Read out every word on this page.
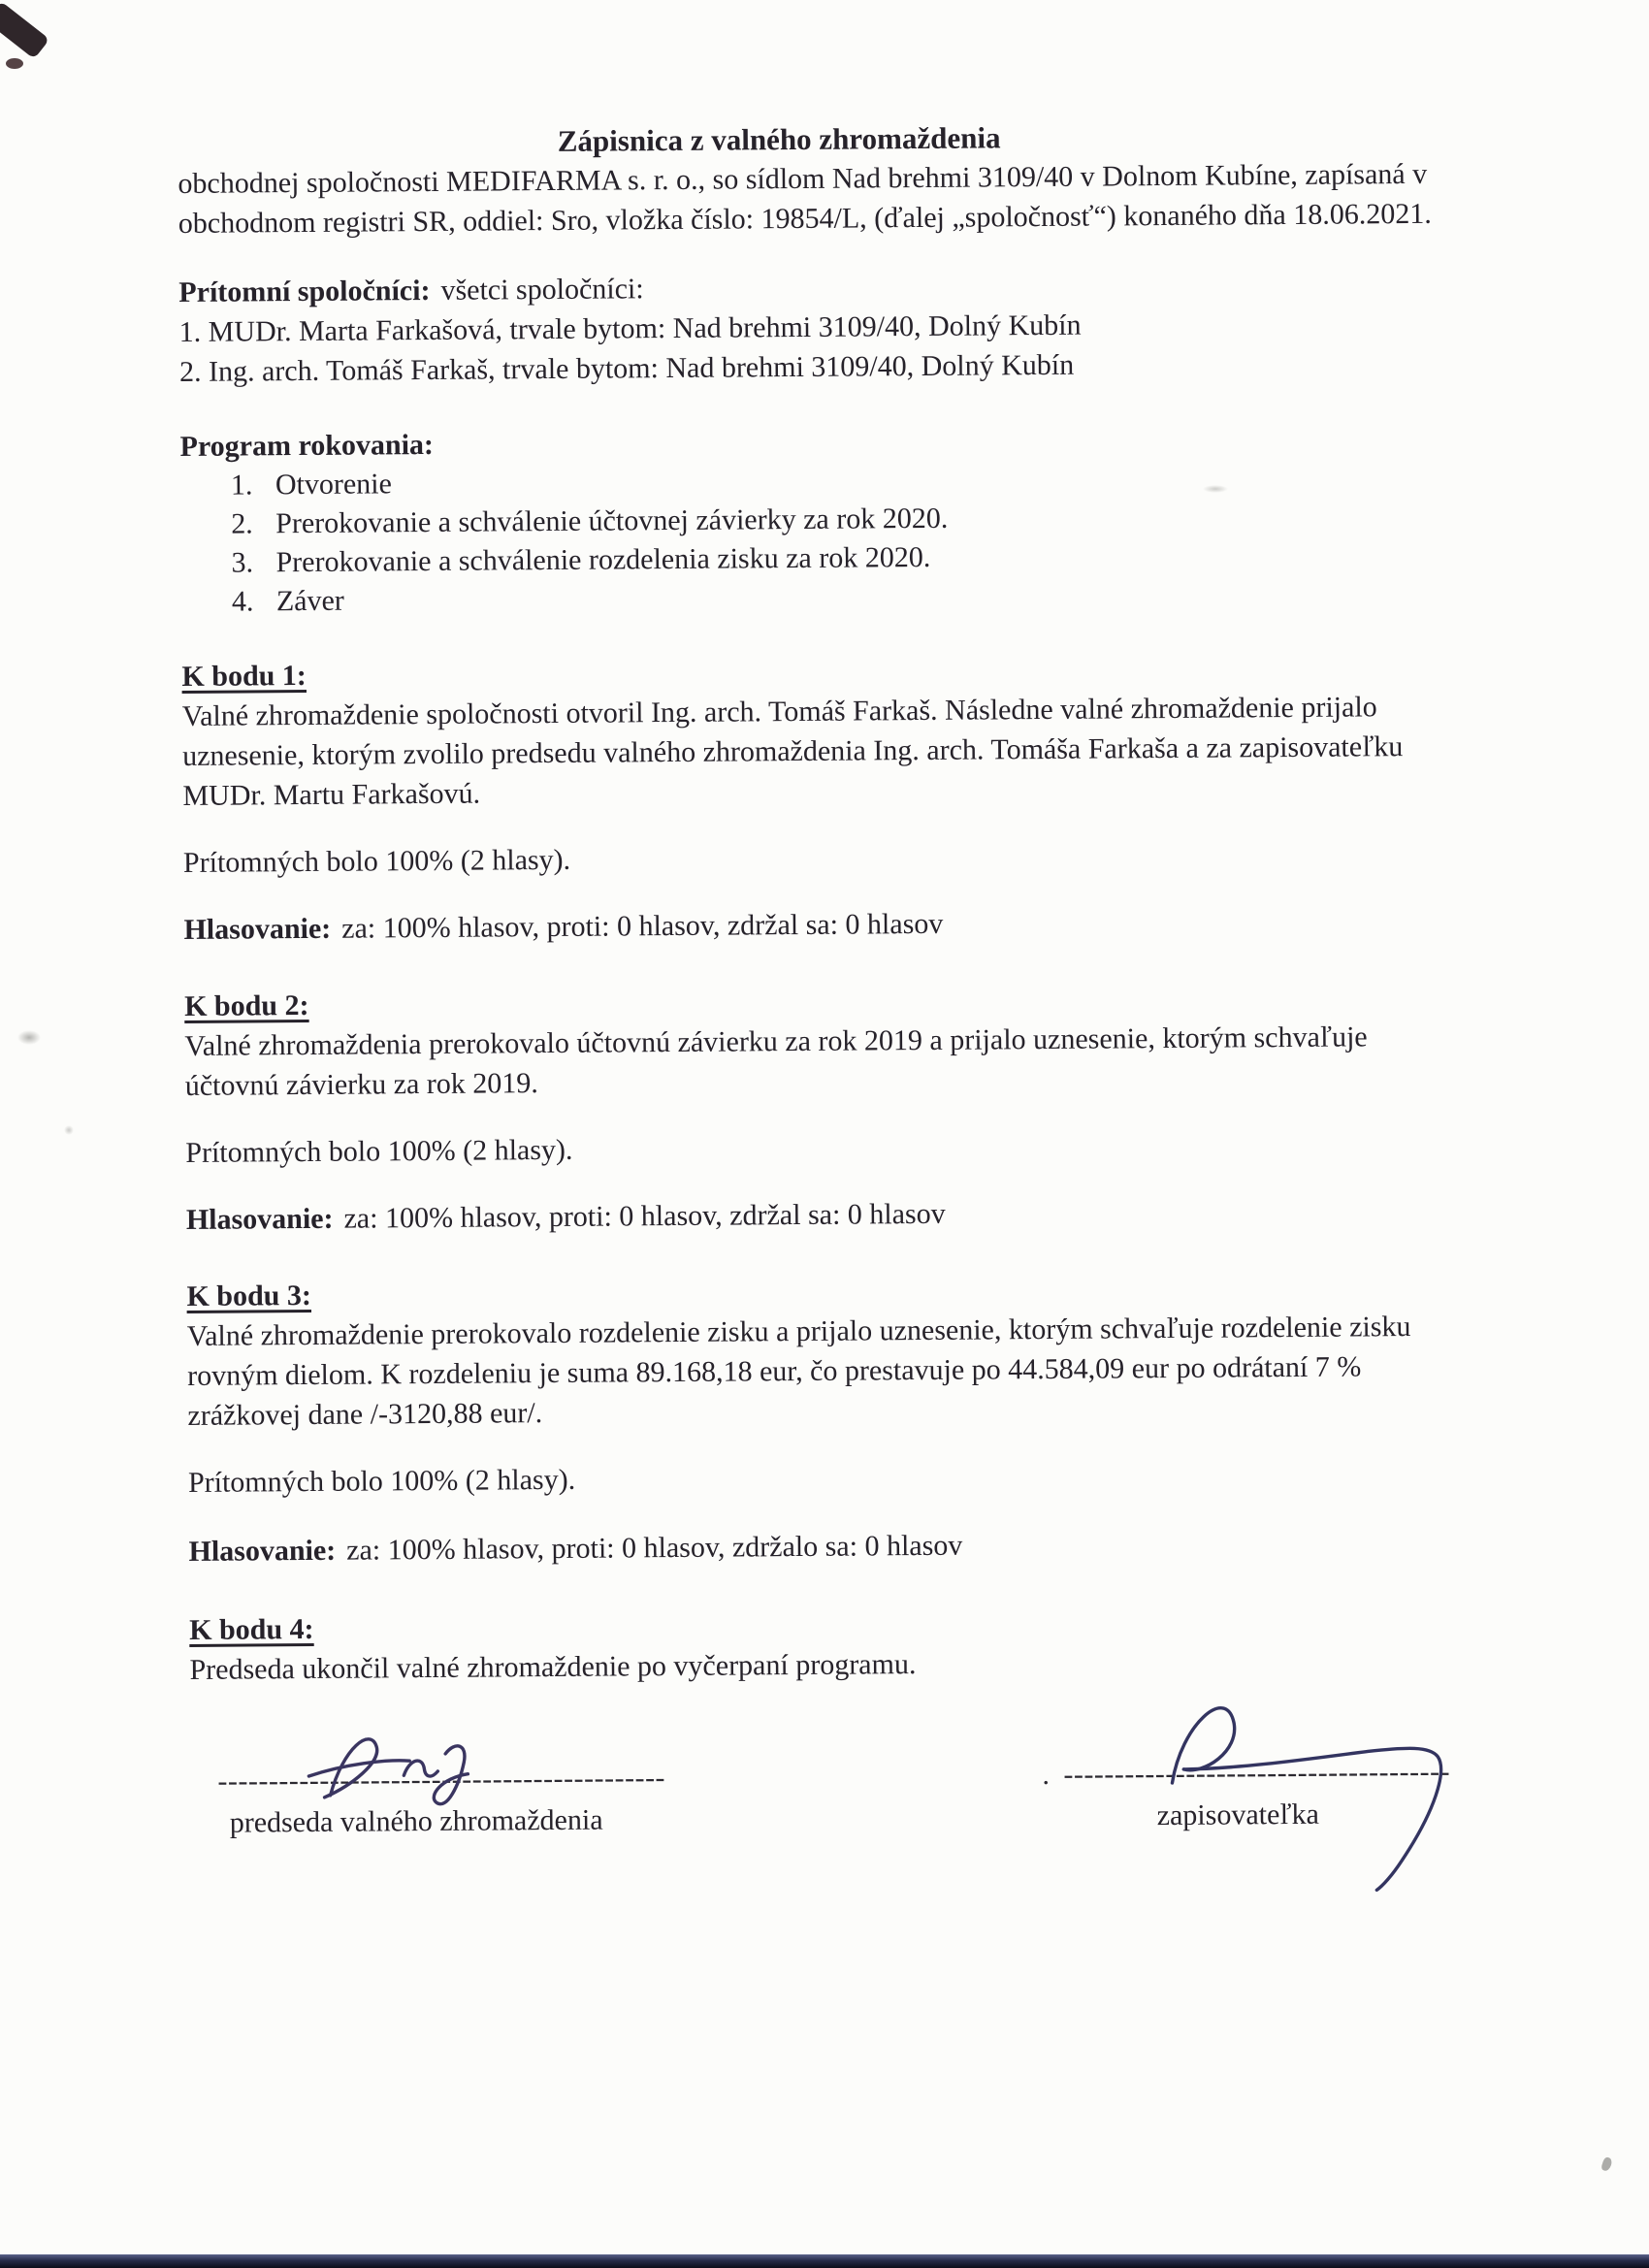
Zápisnica z valného zhromaždenia

obchodnej spoločnosti MEDIFARMA s. r. o., so sídlom Nad brehmi 3109/40 v Dolnom Kubíne, zapísaná v obchodnom registri SR, oddiel: Sro, vložka číslo: 19854/L, (ďalej „spoločnosť“) konaného dňa 18.06.2021.

Prítomní spoločníci: všetci spoločníci:
1. MUDr. Marta Farkašová, trvale bytom: Nad brehmi 3109/40, Dolný Kubín
2. Ing. arch. Tomáš Farkaš, trvale bytom: Nad brehmi 3109/40, Dolný Kubín
Program rokovania:
1. Otvorenie
2. Prerokovanie a schválenie účtovnej závierky za rok 2020.
3. Prerokovanie a schválenie rozdelenia zisku za rok 2020.
4. Záver
K bodu 1:

Valné zhromaždenie spoločnosti otvoril Ing. arch. Tomáš Farkaš. Následne valné zhromaždenie prijalo uznesenie, ktorým zvolilo predsedu valného zhromaždenia Ing. arch. Tomáša Farkaša a za zapisovateľku MUDr. Martu Farkašovú.

Prítomných bolo 100% (2 hlasy).
Hlasovanie: za: 100% hlasov, proti: 0 hlasov, zdržal sa: 0 hlasov
K bodu 2:

Valné zhromaždenia prerokovalo účtovnú závierku za rok 2019 a prijalo uznesenie, ktorým schvaľuje účtovnú závierku za rok 2019.

Prítomných bolo 100% (2 hlasy).
Hlasovanie: za: 100% hlasov, proti: 0 hlasov, zdržal sa: 0 hlasov
K bodu 3:

Valné zhromaždenie prerokovalo rozdelenie zisku a prijalo uznesenie, ktorým schvaľuje rozdelenie zisku rovným dielom. K rozdeleniu je suma 89.168,18 eur, čo prestavuje po 44.584,09 eur po odrátaní 7 % zrážkovej dane /-3120,88 eur/.

Prítomných bolo 100% (2 hlasy).
Hlasovanie: za: 100% hlasov, proti: 0 hlasov, zdržalo sa: 0 hlasov
K bodu 4:

Predseda ukončil valné zhromaždenie po vyčerpaní programu.

--------------------------------------------
predseda valného zhromaždenia
. --------------------------------------
zapisovateľka
